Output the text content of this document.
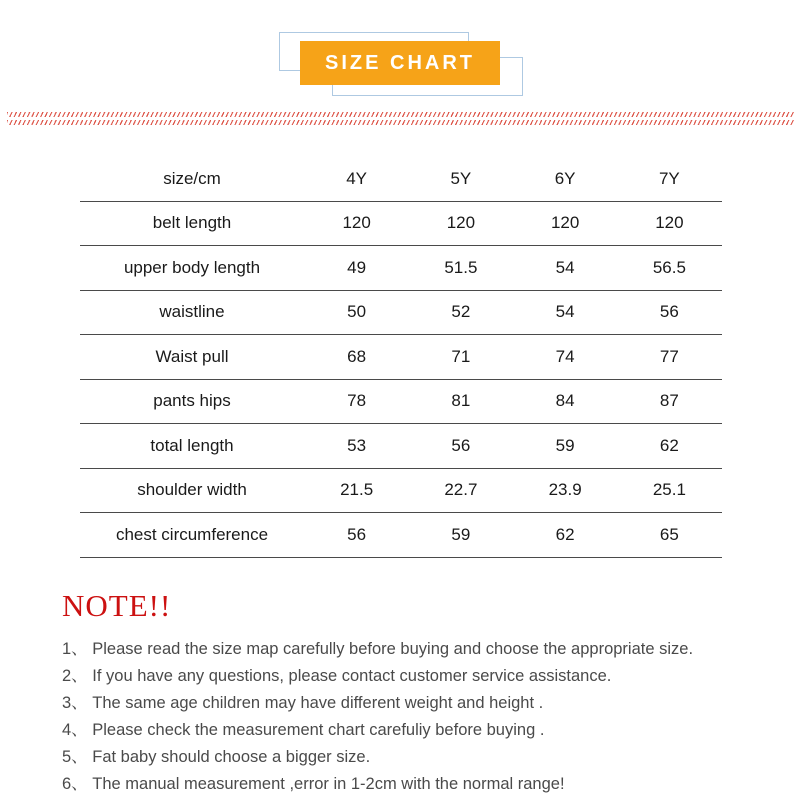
SIZE CHART
size/cm	4Y	5Y	6Y	7Y
belt length	120	120	120	120
upper body length	49	51.5	54	56.5
waistline	50	52	54	56
Waist pull	68	71	74	77
pants hips	78	81	84	87
total length	53	56	59	62
shoulder width	21.5	22.7	23.9	25.1
chest circumference	56	59	62	65
NOTE!!
1、 Please read the size map carefully before buying and choose the appropriate size.
2、 If you have any questions, please contact customer service assistance.
3、 The same age children may have different weight and height .
4、 Please check the measurement chart carefuliy before buying .
5、 Fat baby should choose a bigger size.
6、 The manual measurement ,error in 1-2cm with the normal range!
